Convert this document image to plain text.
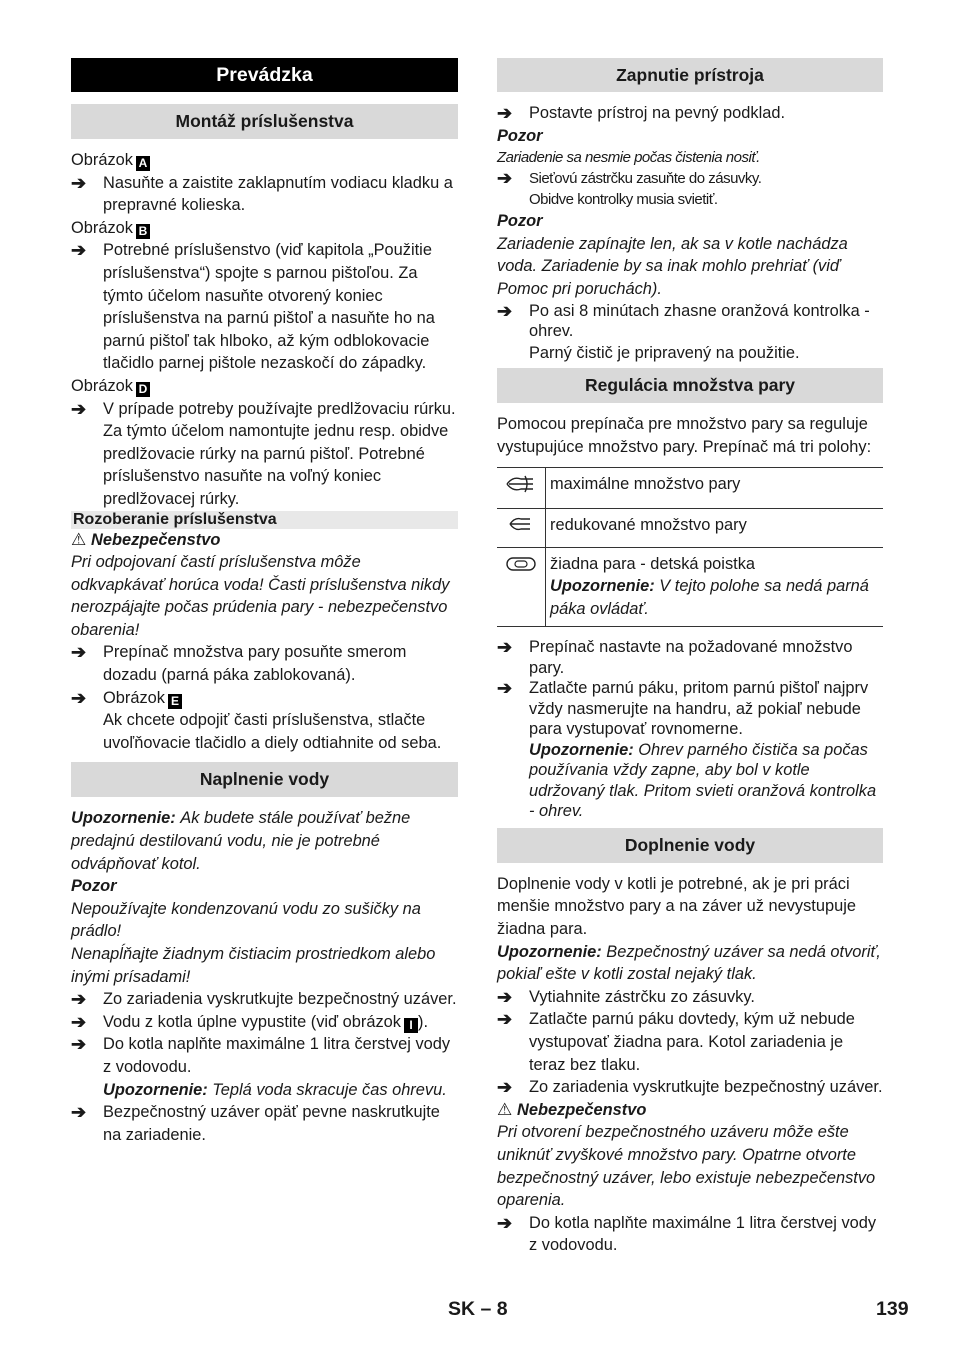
Prevádzka
Montáž príslušenstva

Obrázok A

➔ Nasuňte a zaistite zaklapnutím vodiacu kladku a prepravné kolieska.

Obrázok B

➔ Potrebné príslušenstvo (viď kapitola „Použitie príslušenstva“) spojte s parnou pištoľou. Za týmto účelom nasuňte otvorený koniec príslušenstva na parnú pištoľ a nasuňte ho na parnú pištoľ tak hlboko, až kým odblokovacie tlačidlo parnej pištole nezaskočí do západky.

Obrázok D

➔ V prípade potreby používajte predlžovaciu rúrku. Za týmto účelom namontujte jednu resp. obidve predlžovacie rúrky na parnú pištoľ. Potrebné príslušenstvo nasuňte na voľný koniec predlžovacej rúrky.

Rozoberanie príslušenstva

⚠ Nebezpečenstvo

Pri odpojovaní častí príslušenstva môže odkvapkávať horúca voda! Časti príslušenstva nikdy nerozpájajte počas prúdenia pary - nebezpečenstvo obarenia!

➔ Prepínač množstva pary posuňte smerom dozadu (parná páka zablokovaná).

➔ Obrázok E

Ak chcete odpojiť časti príslušenstva, stlačte uvoľňovacie tlačidlo a diely odtiahnite od seba.

Naplnenie vody

Upozornenie: Ak budete stále používať bežne predajnú destilovanú vodu, nie je potrebné odvápňovať kotol.

Pozor

Nepoužívajte kondenzovanú vodu zo sušičky na prádlo!

Nenapĺňajte žiadnym čistiacim prostriedkom alebo inými prísadami!

➔ Zo zariadenia vyskrutkujte bezpečnostný uzáver.

➔ Vodu z kotla úplne vypustite (viď obrázok I ).

➔ Do kotla naplňte maximálne 1 litra čerstvej vody z vodovodu.

Upozornenie: Teplá voda skracuje čas ohrevu.

➔ Bezpečnostný uzáver opäť pevne naskrutkujte na zariadenie.

Zapnutie prístroja

➔ Postavte prístroj na pevný podklad.

Pozor

Zariadenie sa nesmie počas čistenia nosiť.

➔ Sieťovú zástrčku zasuňte do zásuvky.

Obidve kontrolky musia svietiť.

Pozor

Zariadenie zapínajte len, ak sa v kotle nachádza voda. Zariadenie by sa inak mohlo prehriať (viď Pomoc pri poruchách).

➔ Po asi 8 minútach zhasne oranžová kontrolka - ohrev.

Parný čistič je pripravený na použitie.

Regulácia množstva pary

Pomocou prepínača pre množstvo pary sa reguluje vystupujúce množstvo pary. Prepínač má tri polohy:

	maximálne množstvo pary
	redukované množstvo pary
	žiadna para - detská poistka
Upozornenie: V tejto polohe sa nedá parná páka ovládať.

➔ Prepínač nastavte na požadované množstvo pary.

➔ Zatlačte parnú páku, pritom parnú pištoľ najprv vždy nasmerujte na handru, až pokiaľ nebude para vystupovať rovnomerne.

Upozornenie: Ohrev parného čističa sa počas používania vždy zapne, aby bol v kotle udržovaný tlak. Pritom svieti oranžová kontrolka - ohrev.

Doplnenie vody

Doplnenie vody v kotli je potrebné, ak je pri práci menšie množstvo pary a na záver už nevystupuje žiadna para.

Upozornenie: Bezpečnostný uzáver sa nedá otvoriť, pokiaľ ešte v kotli zostal nejaký tlak.

➔ Vytiahnite zástrčku zo zásuvky.

➔ Zatlačte parnú páku dovtedy, kým už nebude vystupovať žiadna para. Kotol zariadenia je teraz bez tlaku.

➔ Zo zariadenia vyskrutkujte bezpečnostný uzáver.

⚠ Nebezpečenstvo

Pri otvorení bezpečnostného uzáveru môže ešte uniknúť zvyškové množstvo pary. Opatrne otvorte bezpečnostný uzáver, lebo existuje nebezpečenstvo oparenia.

➔ Do kotla naplňte maximálne 1 litra čerstvej vody z vodovodu.

SK – 8	139
